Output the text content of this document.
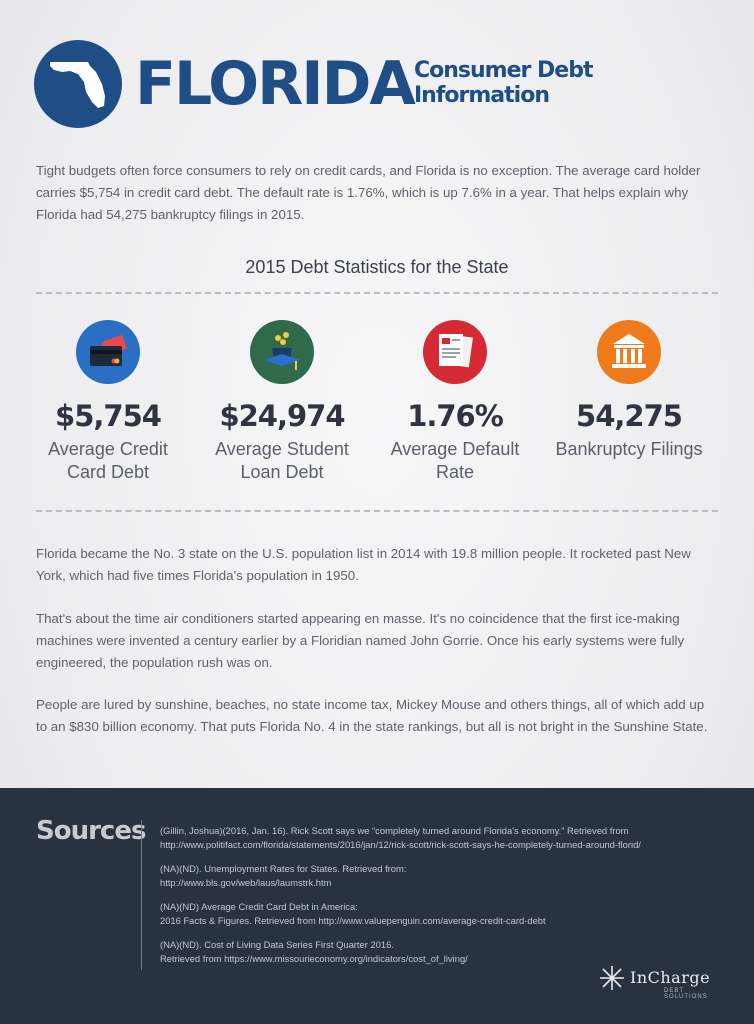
FLORIDA Consumer Debt
Information

Tight budgets often force consumers to rely on credit cards, and Florida is no exception. The average card holder carries $5,754 in credit card debt. The default rate is 1.76%, which is up 7.6% in a year. That helps explain why Florida had 54,275 bankruptcy filings in 2015.

2015 Debt Statistics for the State
$5,754
Average Credit Card Debt
$24,974
Average Student Loan Debt
1.76%
Average Default Rate
54,275
Bankruptcy Filings

Florida became the No. 3 state on the U.S. population list in 2014 with 19.8 million people. It rocketed past New York, which had five times Florida's population in 1950.

That's about the time air conditioners started appearing en masse. It's no coincidence that the first ice-making machines were invented a century earlier by a Floridian named John Gorrie. Once his early systems were fully engineered, the population rush was on.

People are lured by sunshine, beaches, no state income tax, Mickey Mouse and others things, all of which add up to an $830 billion economy. That puts Florida No. 4 in the state rankings, but all is not bright in the Sunshine State.

Sources (Gillin, Joshua)(2016, Jan. 16). Rick Scott says we “completely turned around Florida's economy.” Retrieved from
http://www.politifact.com/florida/statements/2016/jan/12/rick-scott/rick-scott-says-he-completely-turned-around-florid/
(NA)(ND). Unemployment Rates for States. Retrieved from:
http://www.bls.gov/web/laus/laumstrk.htm
(NA)(ND) Average Credit Card Debt in America:
2016 Facts & Figures. Retrieved from http://www.valuepenguin.com/average-credit-card-debt
(NA)(ND). Cost of Living Data Series First Quarter 2016.
Retrieved from https://www.missourieconomy.org/indicators/cost_of_living/
InCharge
DEBT SOLUTIONS
